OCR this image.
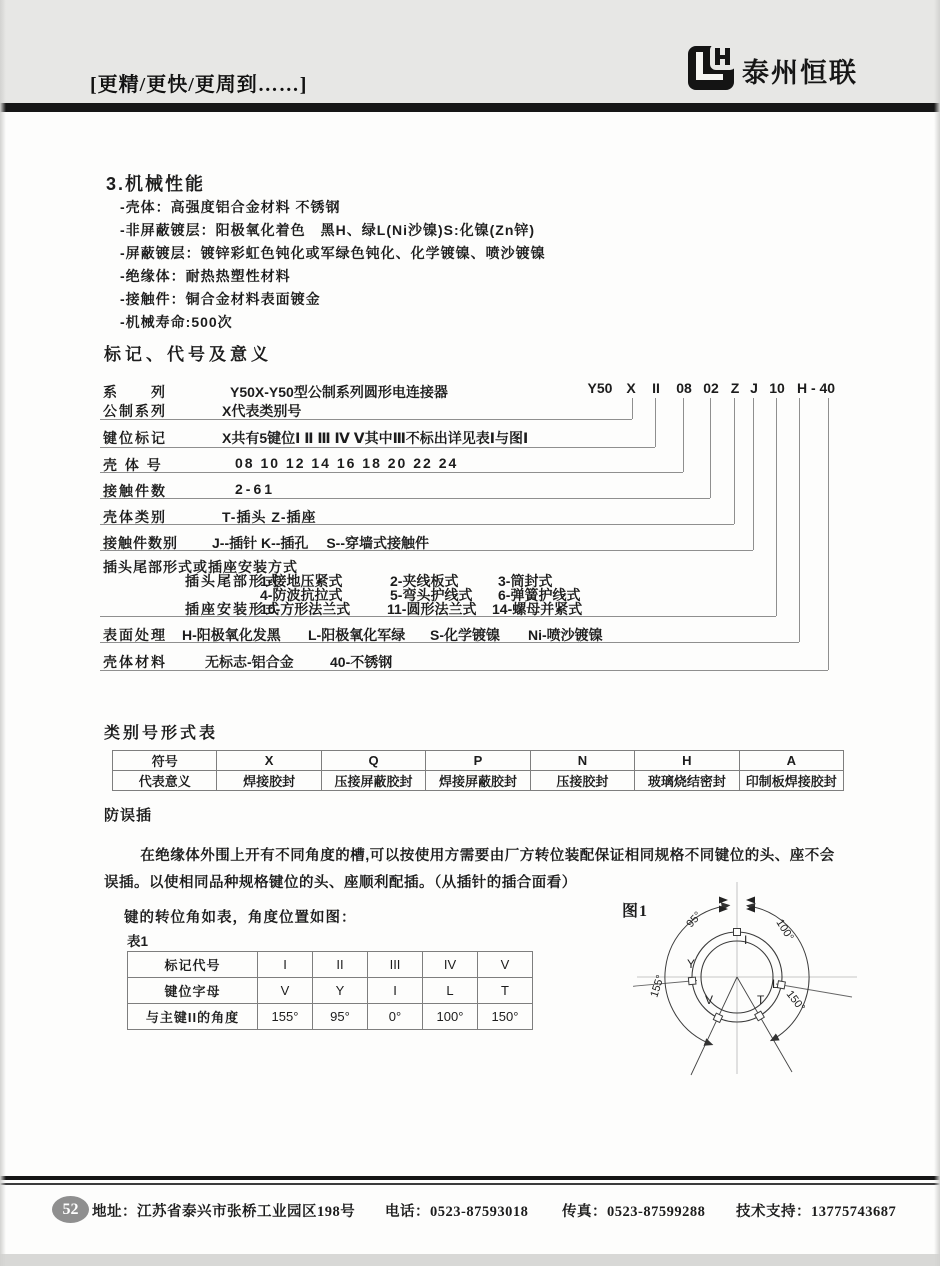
[更精/更快/更周到……]	泰州恒联
3.机械性能
-壳体：高强度铝合金材料 不锈钢
-非屏蔽镀层：阳极氧化着色　黑H、绿L(Ni沙镍)S:化镍(Zn锌)
-屏蔽镀层：镀锌彩虹色钝化或军绿色钝化、化学镀镍、喷沙镀镍
-绝缘体：耐热热塑性材料
-接触件：铜合金材料表面镀金
-机械寿命:500次
标记、代号及意义
Y50 X II 08 02 Z J 10 H - 40
系　　列	Y50X-Y50型公制系列圆形电连接器
公制系列	X代表类别号
键位标记	X共有5键位Ⅰ Ⅱ Ⅲ Ⅳ Ⅴ其中Ⅲ不标出详见表Ⅰ与图Ⅰ
壳 体 号	08 10 12 14 16 18 20 22 24
接触件数	2-61
壳体类别	T-插头 Z-插座
接触件数别 J--插针 K--插孔　 S--穿墙式接触件
插头尾部形式或插座安装方式
插头尾部形式
1-接地压紧式	2-夹线板式	3-筒封式
4-防波抗拉式	5-弯头护线式 6-弹簧护线式
插座安装形式
10-方形法兰式	11-圆形法兰式 14-螺母并紧式
表面处理 H-阳极氧化发黑 L-阳极氧化军绿 S-化学镀镍 Ni-喷沙镀镍
壳体材料	无标志-铝合金	40-不锈钢
类别号形式表
符号	X	Q	P	N	H	A
代表意义	焊接胶封	压接屏蔽胶封	焊接屏蔽胶封	压接胶封	玻璃烧结密封	印制板焊接胶封
防误插

在绝缘体外围上开有不同角度的槽,可以按使用方需要由厂方转位装配保证相同规格不同键位的头、座不会误插。以使相同品种规格键位的头、座顺利配插。（从插针的插合面看）

键的转位角如表，角度位置如图：
表1
标记代号	I	II	III	IV	V
键位字母	V	Y	I	L	T
与主键II的角度	155°	95°	0°	100°	150°
图1
I
Y
V
L
T
95°
155°
100°
150°
52 地址：江苏省泰兴市张桥工业园区198号 电话：0523-87593018 传真：0523-87599288 技术支持：13775743687
